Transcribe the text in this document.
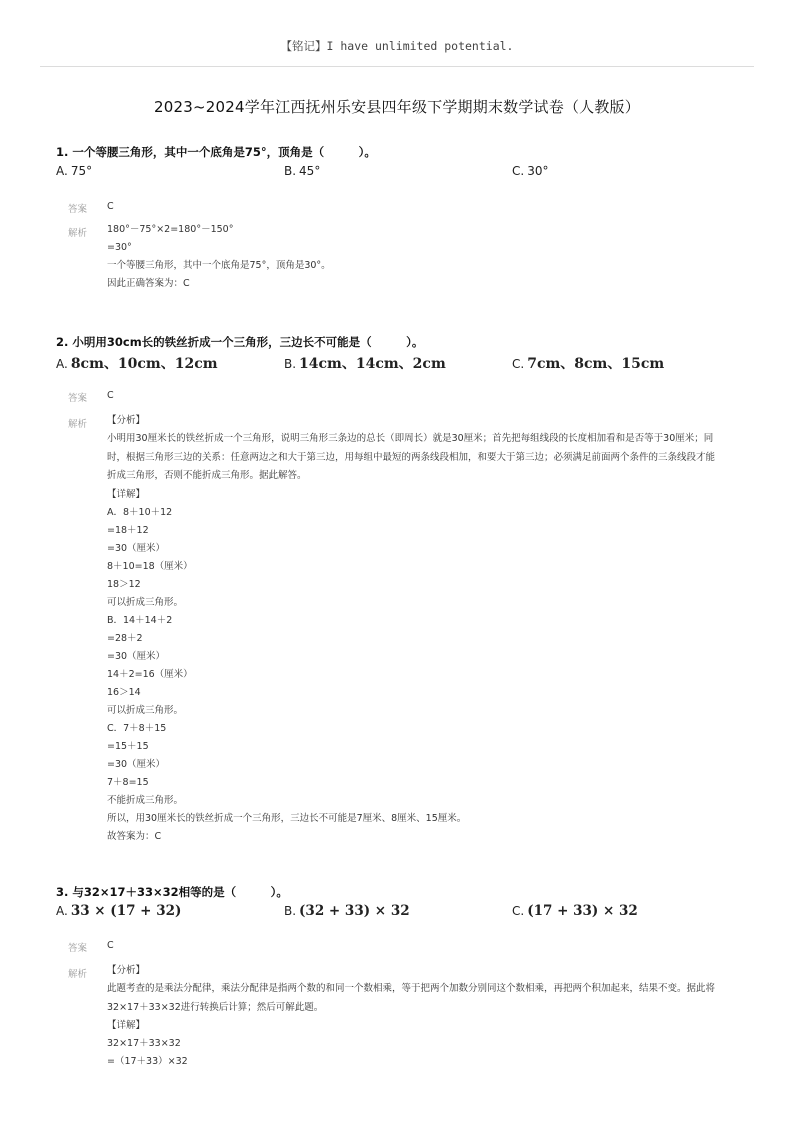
【铭记】I have unlimited potential.
2023~2024学年江西抚州乐安县四年级下学期期末数学试卷（人教版）
1. 一个等腰三角形，其中一个底角是75°，顶角是（　　　）。
A. 75°	B. 45°	C. 30°
答案 C
解析 180°－75°×2=180°－150°
=30°
一个等腰三角形，其中一个底角是75°，顶角是30°。
因此正确答案为：C
2. 小明用30cm长的铁丝折成一个三角形，三边长不可能是（　　　）。
A. 8cm、10cm、12cm	B. 14cm、14cm、2cm	C. 7cm、8cm、15cm
答案 C
解析 【分析】
小明用30厘米长的铁丝折成一个三角形，说明三角形三条边的总长（即周长）就是30厘米；首先把每组线段的长度相加看和是否等于30厘米；同时，根据三角形三边的关系：任意两边之和大于第三边，用每组中最短的两条线段相加，和要大于第三边；必须满足前面两个条件的三条线段才能折成三角形，否则不能折成三角形。据此解答。
【详解】
A．8＋10＋12
=18＋12
=30（厘米）
8＋10=18（厘米）
18＞12
可以折成三角形。
B．14＋14＋2
=28＋2
=30（厘米）
14＋2=16（厘米）
16＞14
可以折成三角形。
C．7＋8＋15
=15＋15
=30（厘米）
7＋8=15
不能折成三角形。
所以，用30厘米长的铁丝折成一个三角形，三边长不可能是7厘米、8厘米、15厘米。
故答案为：C
3. 与32×17＋33×32相等的是（　　　）。
A. 33 × (17 + 32)	B. (32 + 33) × 32	C. (17 + 33) × 32
答案 C
解析 【分析】
此题考查的是乘法分配律，乘法分配律是指两个数的和同一个数相乘，等于把两个加数分别同这个数相乘，再把两个积加起来，结果不变。据此将32×17＋33×32进行转换后计算；然后可解此题。
【详解】
32×17＋33×32
=（17＋33）×32
